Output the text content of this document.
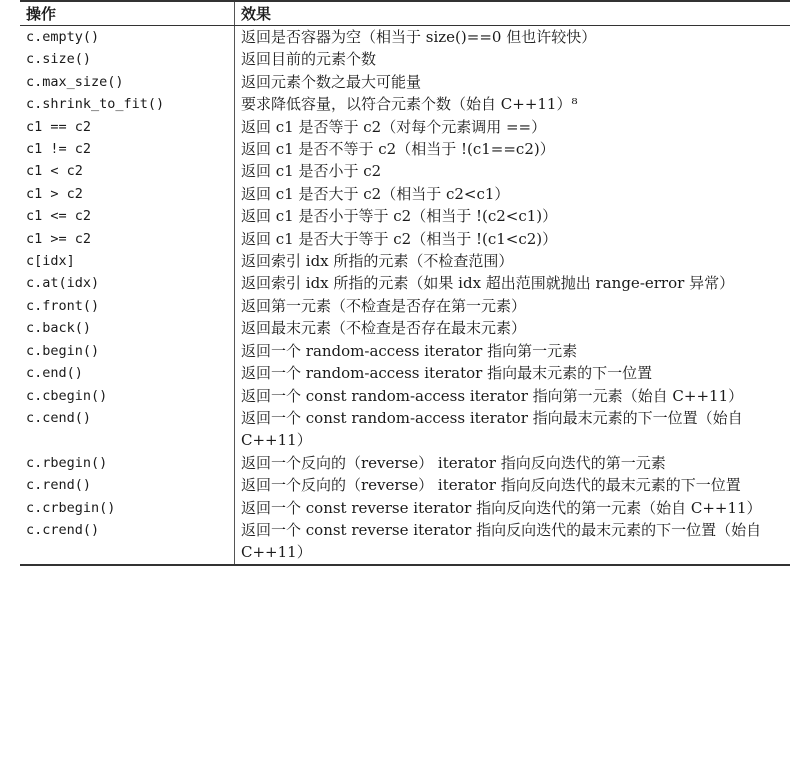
操作	效果
c.empty()	返回是否容器为空（相当于 size()==0 但也许较快）
c.size()	返回目前的元素个数
c.max_size()	返回元素个数之最大可能量
c.shrink_to_fit()	要求降低容量，以符合元素个数（始自 C++11）⁸
c1 == c2	返回 c1 是否等于 c2（对每个元素调用 ==）
c1 != c2	返回 c1 是否不等于 c2（相当于 !(c1==c2)）
c1 < c2	返回 c1 是否小于 c2
c1 > c2	返回 c1 是否大于 c2（相当于 c2<c1）
c1 <= c2	返回 c1 是否小于等于 c2（相当于 !(c2<c1)）
c1 >= c2	返回 c1 是否大于等于 c2（相当于 !(c1<c2)）
c[idx]	返回索引 idx 所指的元素（不检查范围）
c.at(idx)	返回索引 idx 所指的元素（如果 idx 超出范围就抛出 range-error 异常）
c.front()	返回第一元素（不检查是否存在第一元素）
c.back()	返回最末元素（不检查是否存在最末元素）
c.begin()	返回一个 random-access iterator 指向第一元素
c.end()	返回一个 random-access iterator 指向最末元素的下一位置
c.cbegin()	返回一个 const random-access iterator 指向第一元素（始自 C++11）
c.cend()	返回一个 const random-access iterator 指向最末元素的下一位置（始自 C++11）
c.rbegin()	返回一个反向的（reverse） iterator 指向反向迭代的第一元素
c.rend()	返回一个反向的（reverse） iterator 指向反向迭代的最末元素的下一位置
c.crbegin()	返回一个 const reverse iterator 指向反向迭代的第一元素（始自 C++11）
c.crend()	返回一个 const reverse iterator 指向反向迭代的最末元素的下一位置（始自 C++11）
